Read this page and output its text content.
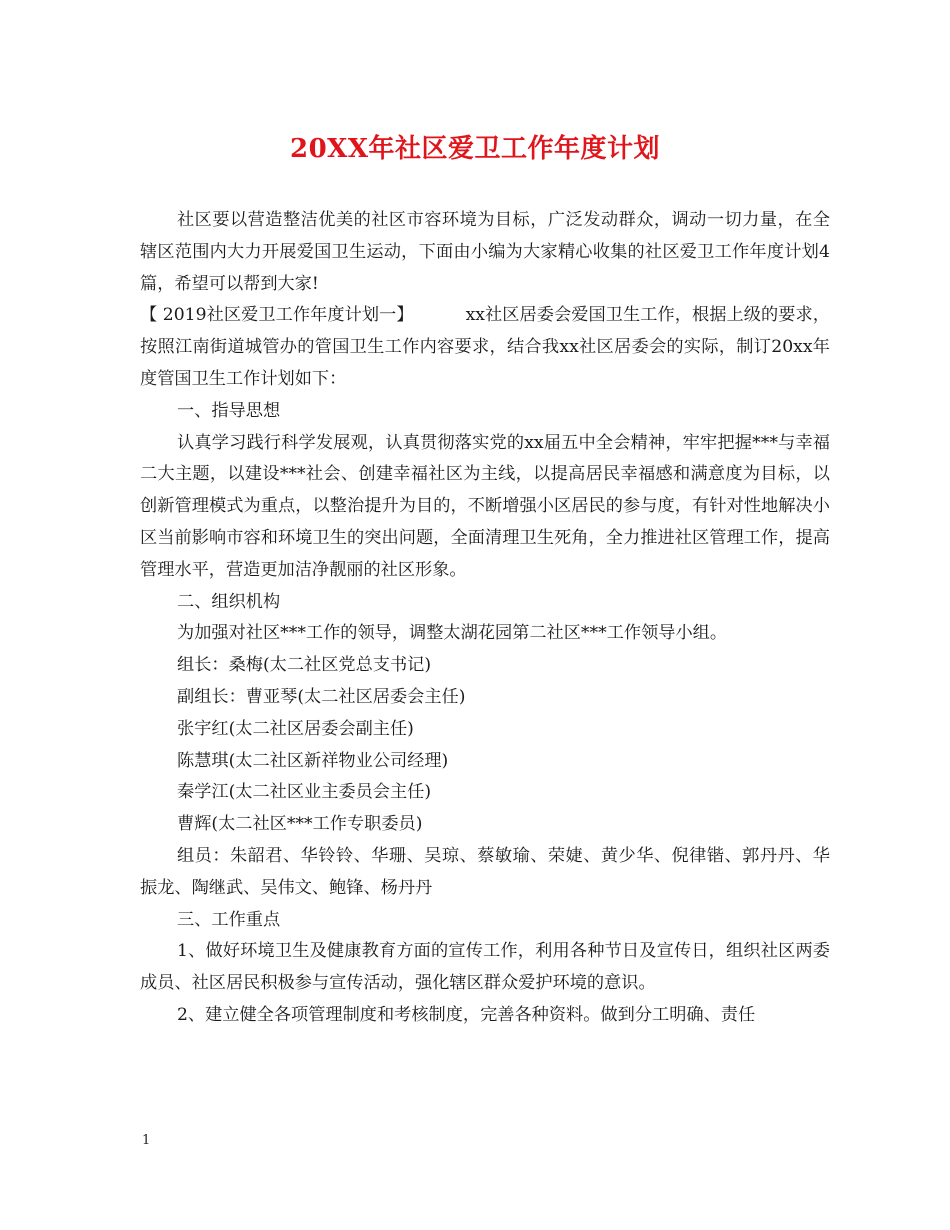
20XX年社区爱卫工作年度计划

社区要以营造整洁优美的社区市容环境为目标，广泛发动群众，调动一切力量，在全辖区范围内大力开展爱国卫生运动，下面由小编为大家精心收集的社区爱卫工作年度计划4篇，希望可以帮到大家!

【 2019社区爱卫工作年度计划一】	xx社区居委会爱国卫生工作，根据上级的要求，按照江南街道城管办的管国卫生工作内容要求，结合我xx社区居委会的实际，制订20xx年度管国卫生工作计划如下：

一、指导思想

认真学习践行科学发展观，认真贯彻落实党的xx届五中全会精神，牢牢把握***与幸福二大主题，以建设***社会、创建幸福社区为主线，以提高居民幸福感和满意度为目标，以创新管理模式为重点，以整治提升为目的，不断增强小区居民的参与度，有针对性地解决小区当前影响市容和环境卫生的突出问题，全面清理卫生死角，全力推进社区管理工作，提高管理水平，营造更加洁净靓丽的社区形象。

二、组织机构

为加强对社区***工作的领导，调整太湖花园第二社区***工作领导小组。

组长：桑梅(太二社区党总支书记)

副组长：曹亚琴(太二社区居委会主任)

张宇红(太二社区居委会副主任)

陈慧琪(太二社区新祥物业公司经理)

秦学江(太二社区业主委员会主任)

曹辉(太二社区***工作专职委员)

组员：朱韶君、华铃铃、华珊、吴琼、蔡敏瑜、荣婕、黄少华、倪律锴、郭丹丹、华振龙、陶继武、吴伟文、鲍锋、杨丹丹

三、工作重点

1、做好环境卫生及健康教育方面的宣传工作，利用各种节日及宣传日，组织社区两委成员、社区居民积极参与宣传活动，强化辖区群众爱护环境的意识。

2、建立健全各项管理制度和考核制度，完善各种资料。做到分工明确、责任

1
